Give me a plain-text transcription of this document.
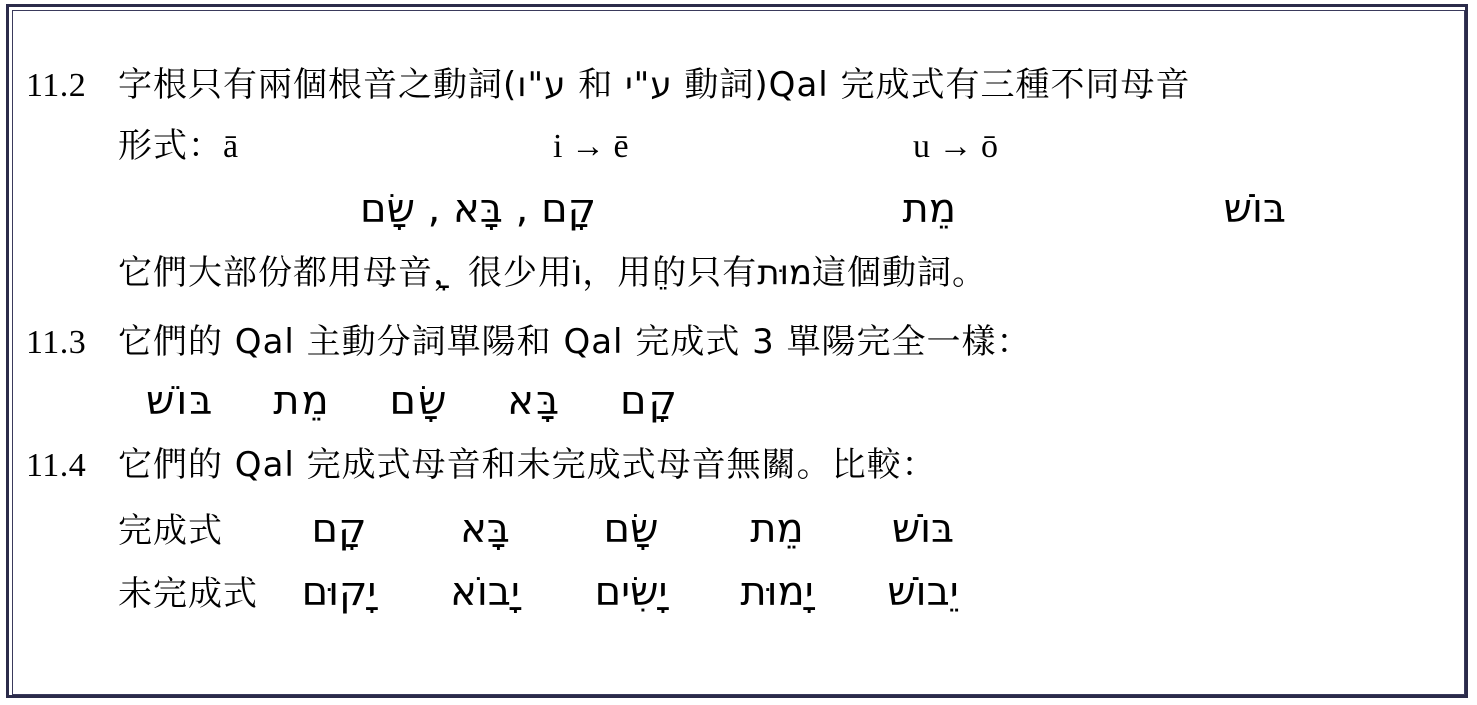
11.2 字根只有兩個根音之動詞(ע"ו 和 ע"י 動詞)Qal 完成式有三種不同母音
形式： ā	i → ē	u → ō
קָם , בָּא , שָׂם	מֵת	בּוֹשׁ
它們大部份都用母音 ，很少用 וֹ ，用 的只有 מוּת 這個動詞。
11.3 它們的 Qal 主動分詞單陽和 Qal 完成式 3 單陽完全一樣：
קָם    בָּא    שָׂם    מֵת    בּוֹשׁ
11.4 它們的 Qal 完成式母音和未完成式母音無關。比較：
完成式	קָם	בָּא	שָׂם	מֵת	בּוֹשׁ
未完成式	יָקוּם	יָבוֹא	יָשִׂים	יָמוּת	יֵבוֹשׁ
